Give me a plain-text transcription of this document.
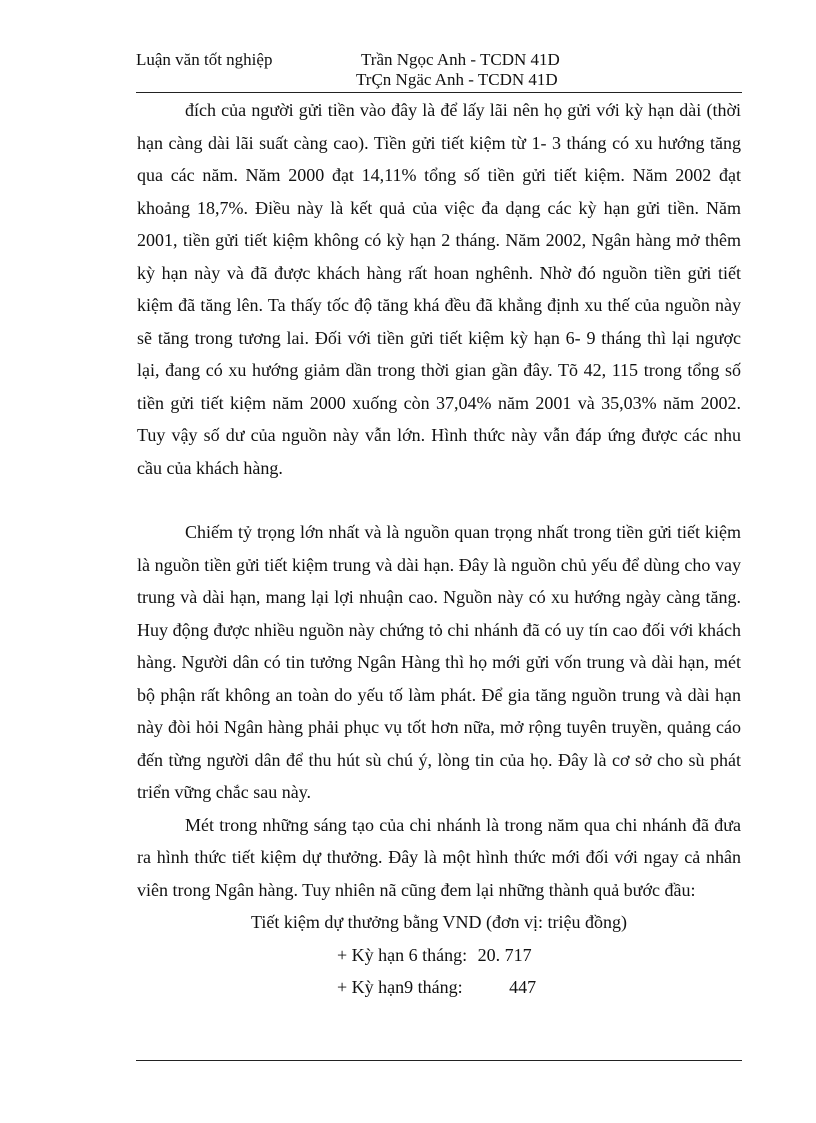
Luận văn tốt nghiệp	Trần Ngọc Anh - TCDN 41D
TrÇn Ngäc Anh - TCDN 41D

đích của người gửi tiền vào đây là để lấy lãi nên họ gửi với kỳ hạn dài (thời hạn càng dài lãi suất càng cao). Tiền gửi tiết kiệm từ 1- 3 tháng có xu hướng tăng qua các năm. Năm 2000 đạt 14,11% tổng số tiền gửi tiết kiệm. Năm 2002 đạt khoảng 18,7%. Điều này là kết quả của việc đa dạng các kỳ hạn gửi tiền. Năm 2001, tiền gửi tiết kiệm không có kỳ hạn 2 tháng. Năm 2002, Ngân hàng mở thêm kỳ hạn này và đã được khách hàng rất hoan nghênh. Nhờ đó nguồn tiền gửi tiết kiệm đã tăng lên. Ta thấy tốc độ tăng khá đều đã khẳng định xu thế của nguồn này sẽ tăng trong tương lai. Đối với tiền gửi tiết kiệm kỳ hạn 6- 9 tháng thì lại ngược lại, đang có xu hướng giảm dần trong thời gian gần đây. Tõ 42, 115 trong tổng số tiền gửi tiết kiệm năm 2000 xuống còn 37,04% năm 2001 và 35,03% năm 2002. Tuy vậy số dư của nguồn này vẫn lớn. Hình thức này vẫn đáp ứng được các nhu cầu của khách hàng.

Chiếm tỷ trọng lớn nhất và là nguồn quan trọng nhất trong tiền gửi tiết kiệm là nguồn tiền gửi tiết kiệm trung và dài hạn. Đây là nguồn chủ yếu để dùng cho vay trung và dài hạn, mang lại lợi nhuận cao. Nguồn này có xu hướng ngày càng tăng. Huy động được nhiều nguồn này chứng tỏ chi nhánh đã có uy tín cao đối với khách hàng. Người dân có tin tưởng Ngân Hàng thì họ mới gửi vốn trung và dài hạn, mét bộ phận rất không an toàn do yếu tố làm phát. Để gia tăng nguồn trung và dài hạn này đòi hỏi Ngân hàng phải phục vụ tốt hơn nữa, mở rộng tuyên truyền, quảng cáo đến từng người dân để thu hút sù chú ý, lòng tin của họ. Đây là cơ sở cho sù phát triển vững chắc sau này.

Mét trong những sáng tạo của chi nhánh là trong năm qua chi nhánh đã đưa ra hình thức tiết kiệm dự thưởng. Đây là một hình thức mới đối với ngay cả nhân viên trong Ngân hàng. Tuy nhiên nã cũng đem lại những thành quả bước đầu:

Tiết kiệm dự thưởng bằng VND (đơn vị: triệu đồng)

+ Kỳ hạn 6 tháng: 20. 717

+ Kỳ hạn9 tháng:	447
